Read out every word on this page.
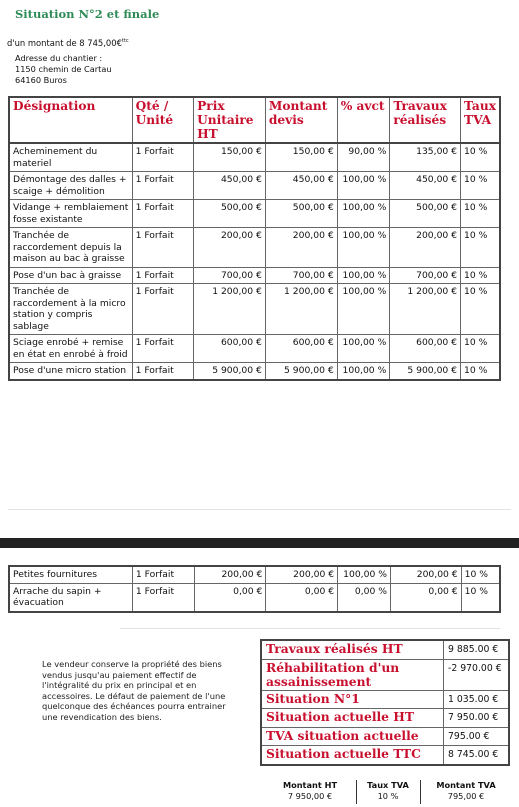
Situation N°2 et finale
d'un montant de 8 745,00€$^{ttc}$
Adresse du chantier :
1150 chemin de Cartau
64160 Buros
Désignation	Qté / Unité	Prix Unitaire HT	Montant devis	% avct	Travaux réalisés	Taux TVA
Acheminement du materiel	1 Forfait	150,00 €	150,00 €	90,00 %	135,00 €	10 %
Démontage des dalles + scaige + démolition	1 Forfait	450,00 €	450,00 €	100,00 %	450,00 €	10 %
Vidange + remblaiement fosse existante	1 Forfait	500,00 €	500,00 €	100,00 %	500,00 €	10 %
Tranchée de raccordement depuis la maison au bac à graisse	1 Forfait	200,00 €	200,00 €	100,00 %	200,00 €	10 %
Pose d'un bac à graisse	1 Forfait	700,00 €	700,00 €	100,00 %	700,00 €	10 %
Tranchée de raccordement à la micro station y compris sablage	1 Forfait	1 200,00 €	1 200,00 €	100,00 %	1 200,00 €	10 %
Sciage enrobé + remise en état en enrobé à froid	1 Forfait	600,00 €	600,00 €	100,00 %	600,00 €	10 %
Pose d'une micro station	1 Forfait	5 900,00 €	5 900,00 €	100,00 %	5 900,00 €	10 %
Petites fournitures	1 Forfait	200,00 €	200,00 €	100,00 %	200,00 €	10 %
Arrache du sapin + évacuation	1 Forfait	0,00 €	0,00 €	0,00 %	0,00 €	10 %
Le vendeur conserve la propriété des biens vendus jusqu'au paiement effectif de l'intégralité du prix en principal et en accessoires. Le défaut de paiement de l'une quelconque des échéances pourra entrainer une revendication des biens.
Travaux réalisés HT	9 885.00 €
Réhabilitation d'un assainissement	-2 970.00 €
Situation N°1	1 035.00 €
Situation actuelle HT	7 950.00 €
TVA situation actuelle	795.00 €
Situation actuelle TTC	8 745.00 €
Montant HT
7 950,00 €
Taux TVA
10 %
Montant TVA
795,00 €
